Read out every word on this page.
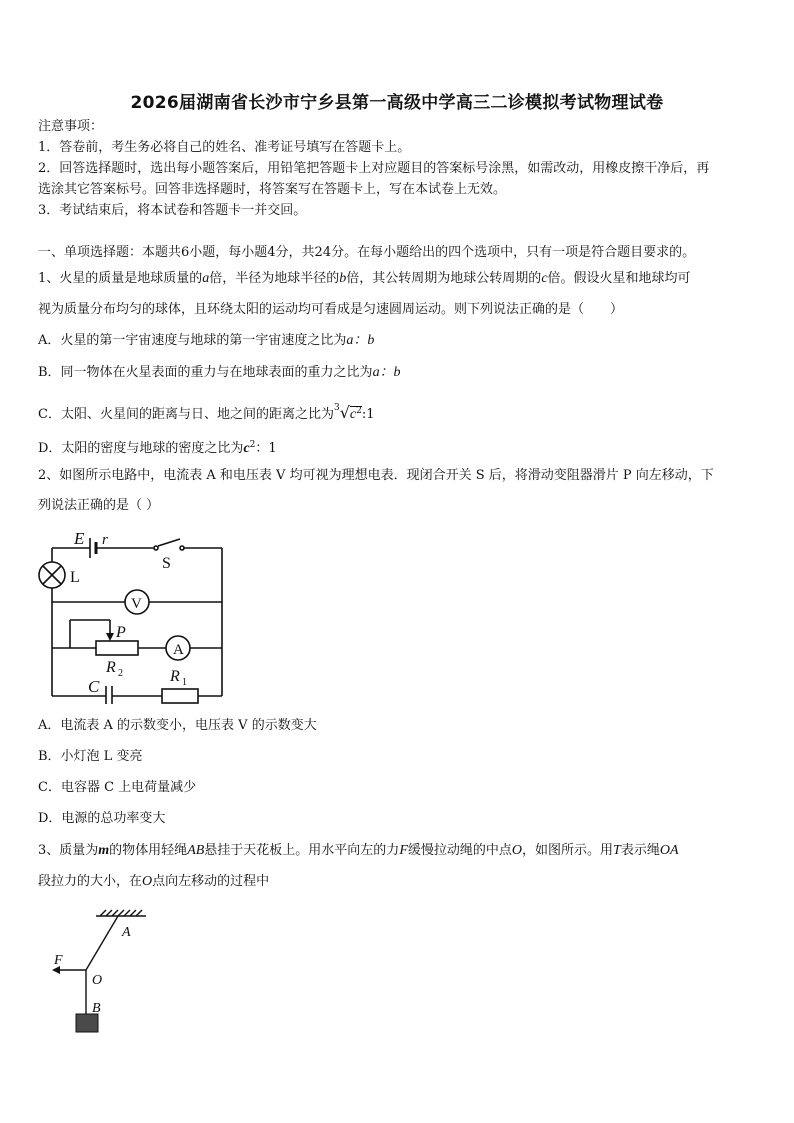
2026届湖南省长沙市宁乡县第一高级中学高三二诊模拟考试物理试卷
注意事项：
1．答卷前，考生务必将自己的姓名、准考证号填写在答题卡上。
2．回答选择题时，选出每小题答案后，用铅笔把答题卡上对应题目的答案标号涂黑，如需改动，用橡皮擦干净后，再
选涂其它答案标号。回答非选择题时，将答案写在答题卡上，写在本试卷上无效。
3．考试结束后，将本试卷和答题卡一并交回。
一、单项选择题：本题共6小题，每小题4分，共24分。在每小题给出的四个选项中，只有一项是符合题目要求的。
1、火星的质量是地球质量的a倍，半径为地球半径的b倍，其公转周期为地球公转周期的c倍。假设火星和地球均可
视为质量分布均匀的球体，且环绕太阳的运动均可看成是匀速圆周运动。则下列说法正确的是（　　）
A．火星的第一宇宙速度与地球的第一宇宙速度之比为a：b
B．同一物体在火星表面的重力与在地球表面的重力之比为a：b
C．太阳、火星间的距离与日、地之间的距离之比为$^3√c^2:1$
D．太阳的密度与地球的密度之比为$c^2$：1
2、如图所示电路中，电流表 A 和电压表 V 均可视为理想电表．现闭合开关 S 后，将滑动变阻器滑片 P 向左移动，下
列说法正确的是（ ）
E r
S
L
V
A
P
R 2
C
R 1
A．电流表 A 的示数变小，电压表 V 的示数变大
B．小灯泡 L 变亮
C．电容器 C 上电荷量减少
D．电源的总功率变大
3、质量为m的物体用轻绳AB悬挂于天花板上。用水平向左的力F缓慢拉动绳的中点O，如图所示。用T表示绳OA
段拉力的大小，在O点向左移动的过程中
A
F
O
B
